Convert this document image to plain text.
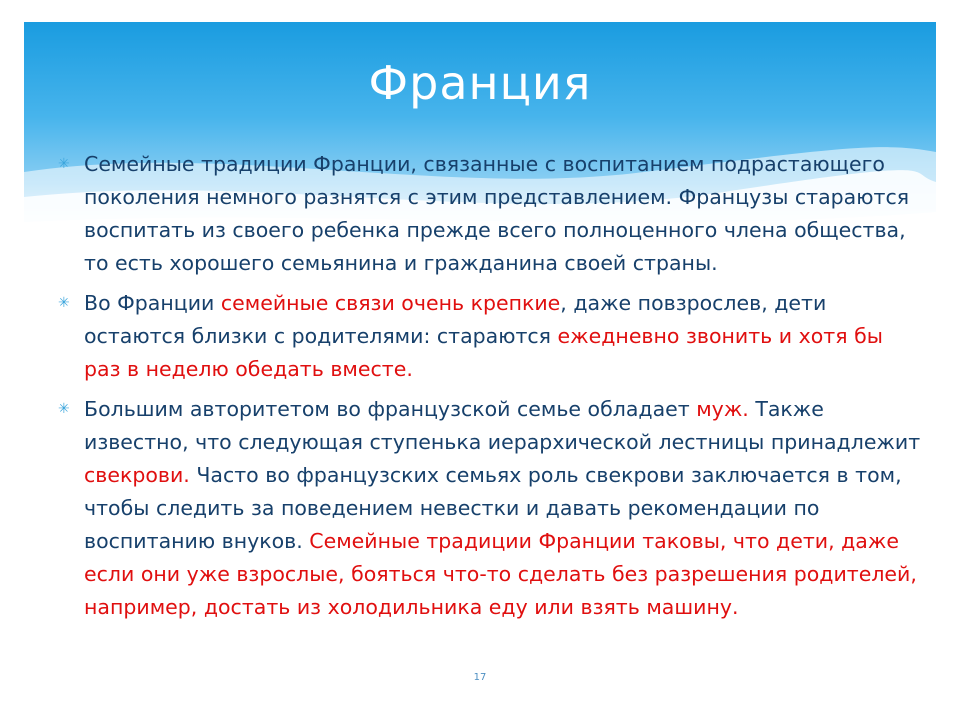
Франция
✳ Семейные традиции Франции, связанные с воспитанием подрастающего поколения немного разнятся с этим представлением. Французы стараются воспитать из своего ребенка прежде всего полноценного члена общества, то есть хорошего семьянина и гражданина своей страны.
✳ Во Франции семейные связи очень крепкие, даже повзрослев, дети остаются близки с родителями: стараются ежедневно звонить и хотя бы раз в неделю обедать вместе.
✳ Большим авторитетом во французской семье обладает муж. Также известно, что следующая ступенька иерархической лестницы принадлежит свекрови. Часто во французских семьях роль свекрови заключается в том, чтобы следить за поведением невестки и давать рекомендации по воспитанию внуков. Семейные традиции Франции таковы, что дети, даже если они уже взрослые, бояться что-то сделать без разрешения родителей, например, достать из холодильника еду или взять машину.
17
